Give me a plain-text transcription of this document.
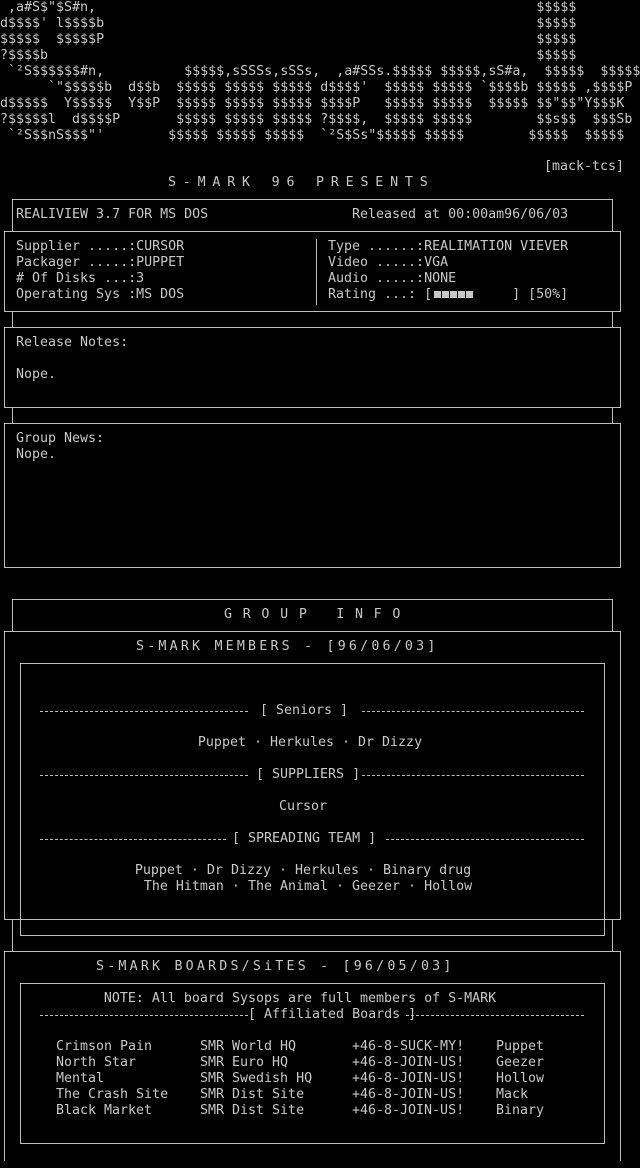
,a#S$"$S#n,                                                       $$$$$
d$$$$' l$$$$b                                                      $$$$$
$$$$$  $$$$$P                                                      $$$$$
?$$$$b                                                             $$$$$
`²S$$$$$$#n,          $$$$$,sSSSs,sSSs,  ,a#SSs.$$$$$ $$$$$,sS#a,  $$$$$  $$$$$
`"$$$$$b  d$$b  $$$$$ $$$$$ $$$$$ d$$$$'  $$$$$ $$$$$ `$$$$b $$$$$ ,$$$$P
d$$$$$  Y$$$$$  Y$$P  $$$$$ $$$$$ $$$$$ $$$$P   $$$$$ $$$$$  $$$$$ $$"$$"Y$$$K
?$$$$$l  d$$$$P       $$$$$ $$$$$ $$$$$ ?$$$$,  $$$$$ $$$$$        $$s$$  $$$Sb
`²S$$nS$$$"'        $$$$$ $$$$$ $$$$$  `²S$Ss"$$$$$ $$$$$        $$$$$  $$$$$
[mack-tcs]
S-MARK 96 PRESENTS
REALIVIEW 3.7 FOR MS DOS	Released at 00:00am96/06/03
Supplier .....:CURSOR
Packager .....:PUPPET
# Of Disks ...:3
Operating Sys :MS DOS
Type ......:REALIMATION VIEVER
Video .....:VGA
Audio .....:NONE
Rating ...: [	] [50%]
Release Notes:
Nope.
Group News:
Nope.
GROUP INFO
S-MARK MEMBERS - [96/06/03]
[ Seniors ]
Puppet · Herkules · Dr Dizzy
[ SUPPLIERS ]
Cursor
[ SPREADING TEAM ]
Puppet · Dr Dizzy · Herkules · Binary drug
The Hitman · The Animal · Geezer · Hollow
S-MARK BOARDS/SiTES - [96/05/03]
NOTE: All board Sysops are full members of S-MARK
[ Affiliated Boards ]
Crimson Pain	SMR World HQ	+46-8-SUCK-MY! Puppet
North Star	SMR Euro HQ	+46-8-JOIN-US! Geezer
Mental	SMR Swedish HQ	+46-8-JOIN-US! Hollow
The Crash Site SMR Dist Site	+46-8-JOIN-US! Mack
Black Market	SMR Dist Site	+46-8-JOIN-US! Binary
